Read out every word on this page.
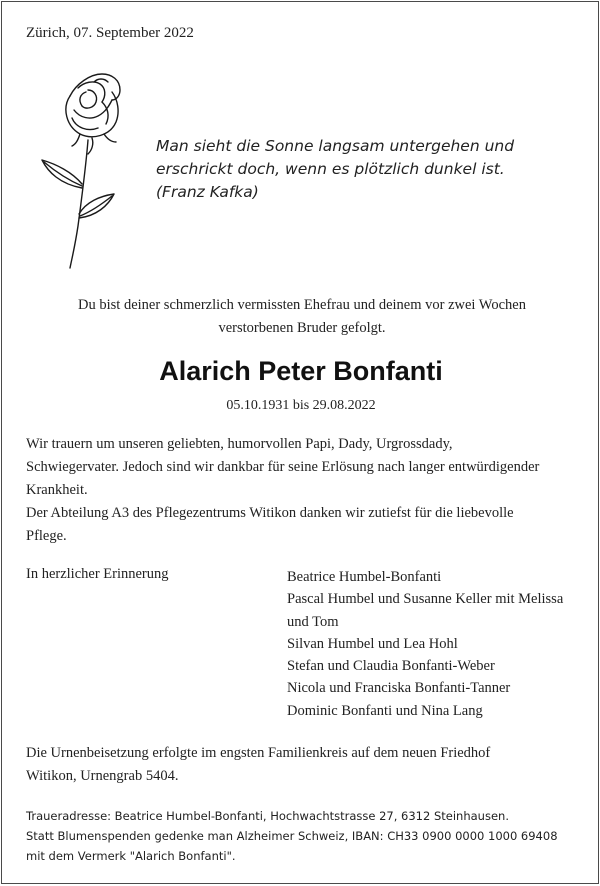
Zürich, 07. September 2022
Man sieht die Sonne langsam untergehen und
erschrickt doch, wenn es plötzlich dunkel ist.
(Franz Kafka)
Du bist deiner schmerzlich vermissten Ehefrau und deinem vor zwei Wochen
verstorbenen Bruder gefolgt.
Alarich Peter Bonfanti
05.10.1931 bis 29.08.2022
Wir trauern um unseren geliebten, humorvollen Papi, Dady, Urgrossdady,
Schwiegervater. Jedoch sind wir dankbar für seine Erlösung nach langer entwürdigender
Krankheit.
Der Abteilung A3 des Pflegezentrums Witikon danken wir zutiefst für die liebevolle
Pflege.
In herzlicher Erinnerung	Beatrice Humbel-Bonfanti
Pascal Humbel und Susanne Keller mit Melissa
und Tom
Silvan Humbel und Lea Hohl
Stefan und Claudia Bonfanti-Weber
Nicola und Franciska Bonfanti-Tanner
Dominic Bonfanti und Nina Lang
Die Urnenbeisetzung erfolgte im engsten Familienkreis auf dem neuen Friedhof
Witikon, Urnengrab 5404.
Traueradresse: Beatrice Humbel-Bonfanti, Hochwachtstrasse 27, 6312 Steinhausen.
Statt Blumenspenden gedenke man Alzheimer Schweiz, IBAN: CH33 0900 0000 1000 69408
mit dem Vermerk "Alarich Bonfanti".
